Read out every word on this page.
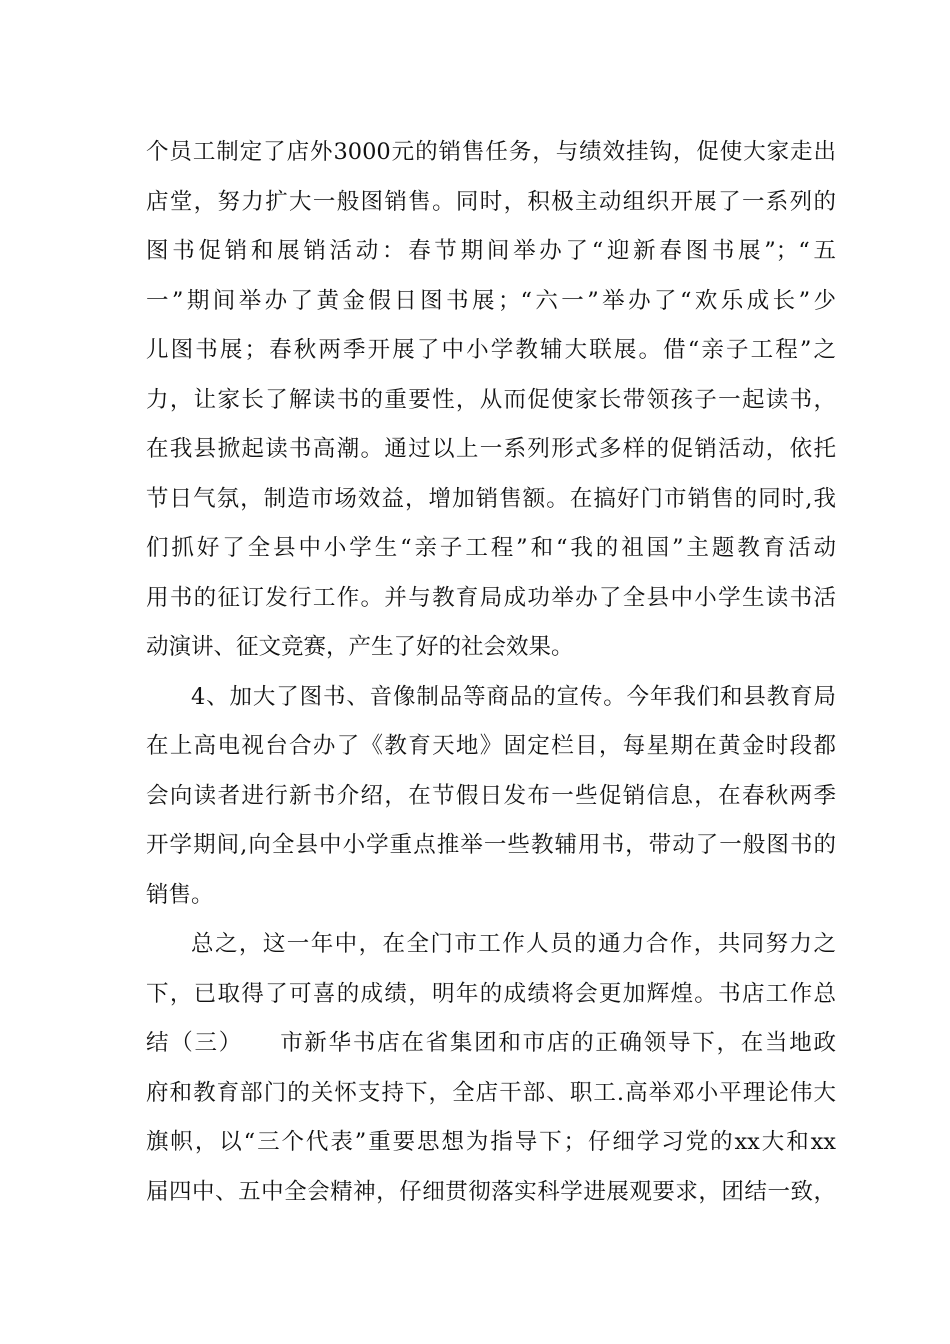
个员工制定了店外3000元的销售任务，与绩效挂钩，促使大家走出
店堂，努力扩大一般图销售。同时，积极主动组织开展了一系列的
图书促销和展销活动：春节期间举办了“迎新春图书展”；“五
一”期间举办了黄金假日图书展；“六一”举办了“欢乐成长”少
儿图书展；春秋两季开展了中小学教辅大联展。借“亲子工程”之
力，让家长了解读书的重要性，从而促使家长带领孩子一起读书，
在我县掀起读书高潮。通过以上一系列形式多样的促销活动，依托
节日气氛，制造市场效益，增加销售额。在搞好门市销售的同时,我
们抓好了全县中小学生“亲子工程”和“我的祖国”主题教育活动
用书的征订发行工作。并与教育局成功举办了全县中小学生读书活
动演讲、征文竞赛，产生了好的社会效果。
4、加大了图书、音像制品等商品的宣传。今年我们和县教育局
在上高电视台合办了《教育天地》固定栏目，每星期在黄金时段都
会向读者进行新书介绍，在节假日发布一些促销信息，在春秋两季
开学期间,向全县中小学重点推举一些教辅用书，带动了一般图书的
销售。
总之，这一年中，在全门市工作人员的通力合作，共同努力之
下，已取得了可喜的成绩，明年的成绩将会更加辉煌。书店工作总
结（三）　　市新华书店在省集团和市店的正确领导下，在当地政
府和教育部门的关怀支持下，全店干部、职工.高举邓小平理论伟大
旗帜，以“三个代表”重要思想为指导下；仔细学习党的xx大和xx
届四中、五中全会精神，仔细贯彻落实科学进展观要求，团结一致，
